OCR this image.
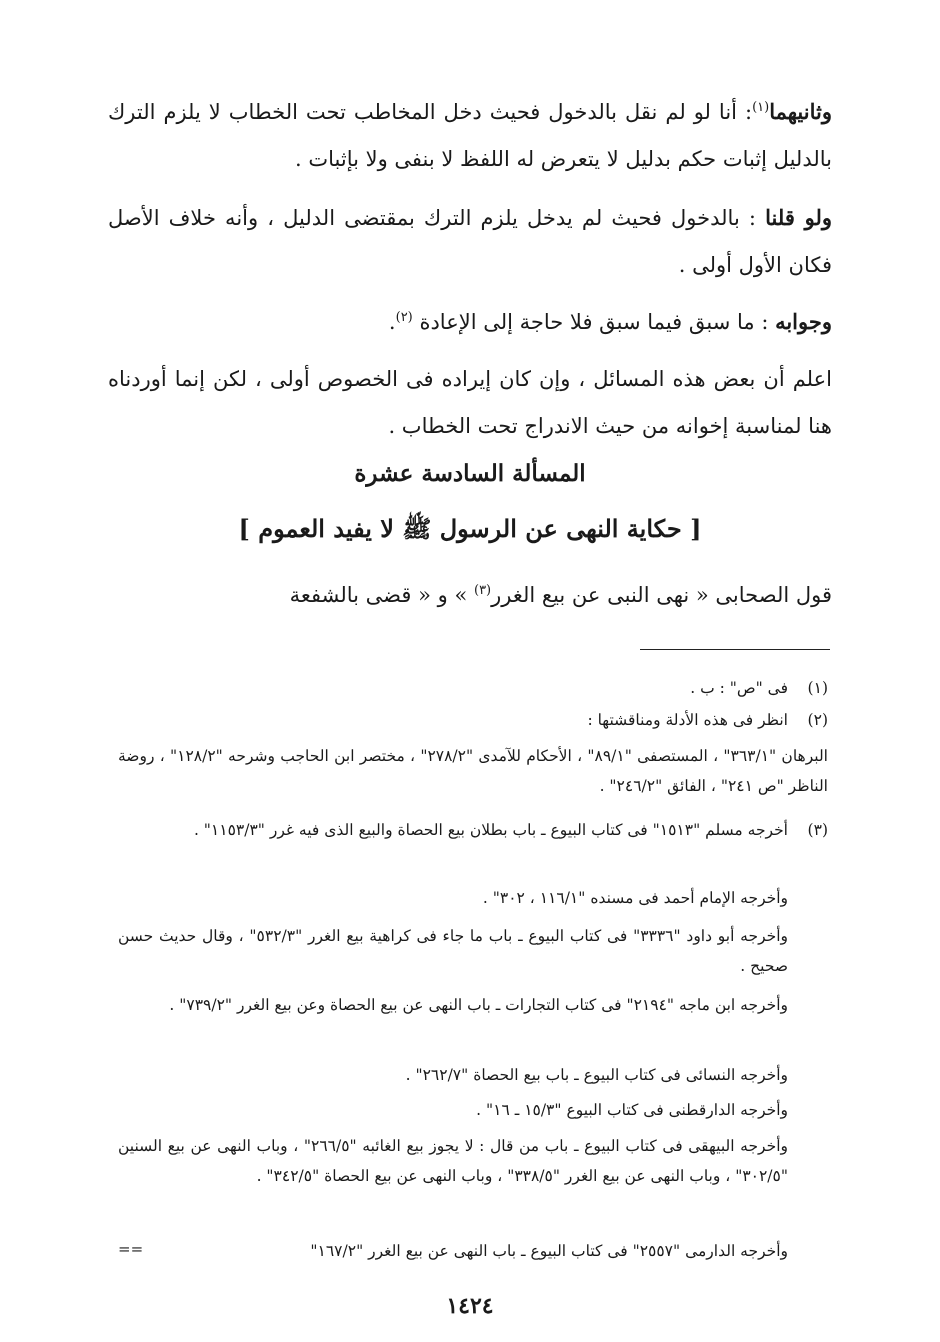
وثانيهما$^{(١)}$: أنا لو لم نقل بالدخول فحيث دخل المخاطب تحت الخطاب لا يلزم الترك بالدليل إثبات حكم بدليل لا يتعرض له اللفظ لا بنفى ولا بإثبات .
ولو قلنا : بالدخول فحيث لم يدخل يلزم الترك بمقتضى الدليل ، وأنه خلاف الأصل فكان الأول أولى .
وجوابه : ما سبق فيما سبق فلا حاجة إلى الإعادة $^{(٢)}$.
اعلم أن بعض هذه المسائل ، وإن كان إيراده فى الخصوص أولى ، لكن إنما أوردناه هنا لمناسبة إخوانه من حيث الاندراج تحت الخطاب .
المسألة السادسة عشرة
[ حكاية النهى عن الرسول ﷺ لا يفيد العموم ]
قول الصحابى « نهى النبى عن بيع الغرر$^{(٣)}$ » و « قضى بالشفعة
(١)
فى "ص" : ب .
(٢)
انظر فى هذه الأدلة ومناقشتها :
البرهان "٣٦٣/١" ، المستصفى "٨٩/١" ، الأحكام للآمدى "٢٧٨/٢" ، مختصر ابن الحاجب وشرحه "١٢٨/٢" ، روضة الناظر "ص ٢٤١" ، الفائق "٢٤٦/٢" .
(٣)
أخرجه مسلم "١٥١٣" فى كتاب البيوع ـ باب بطلان بيع الحصاة والبيع الذى فيه غرر "١١٥٣/٣" .
وأخرجه الإمام أحمد فى مسنده "١١٦/١ ، ٣٠٢" .
وأخرجه أبو داود "٣٣٣٦" فى كتاب البيوع ـ باب ما جاء فى كراهية بيع الغرر "٥٣٢/٣" ، وقال حديث حسن صحيح .
وأخرجه ابن ماجه "٢١٩٤" فى كتاب التجارات ـ باب النهى عن بيع الحصاة وعن بيع الغرر "٧٣٩/٢" .
وأخرجه النسائى فى كتاب البيوع ـ باب بيع الحصاة "٢٦٢/٧" .
وأخرجه الدارقطنى فى كتاب البيوع "١٥/٣ ـ ١٦" .
وأخرجه البيهقى فى كتاب البيوع ـ باب من قال : لا يجوز بيع الغائبه "٢٦٦/٥" ، وباب النهى عن بيع السنين "٣٠٢/٥" ، وباب النهى عن بيع الغرر "٣٣٨/٥" ، وباب النهى عن بيع الحصاة "٣٤٢/٥" .
وأخرجه الدارمى "٢٥٥٧" فى كتاب البيوع ـ باب النهى عن بيع الغرر "١٦٧/٢"
==
١٤٢٤
